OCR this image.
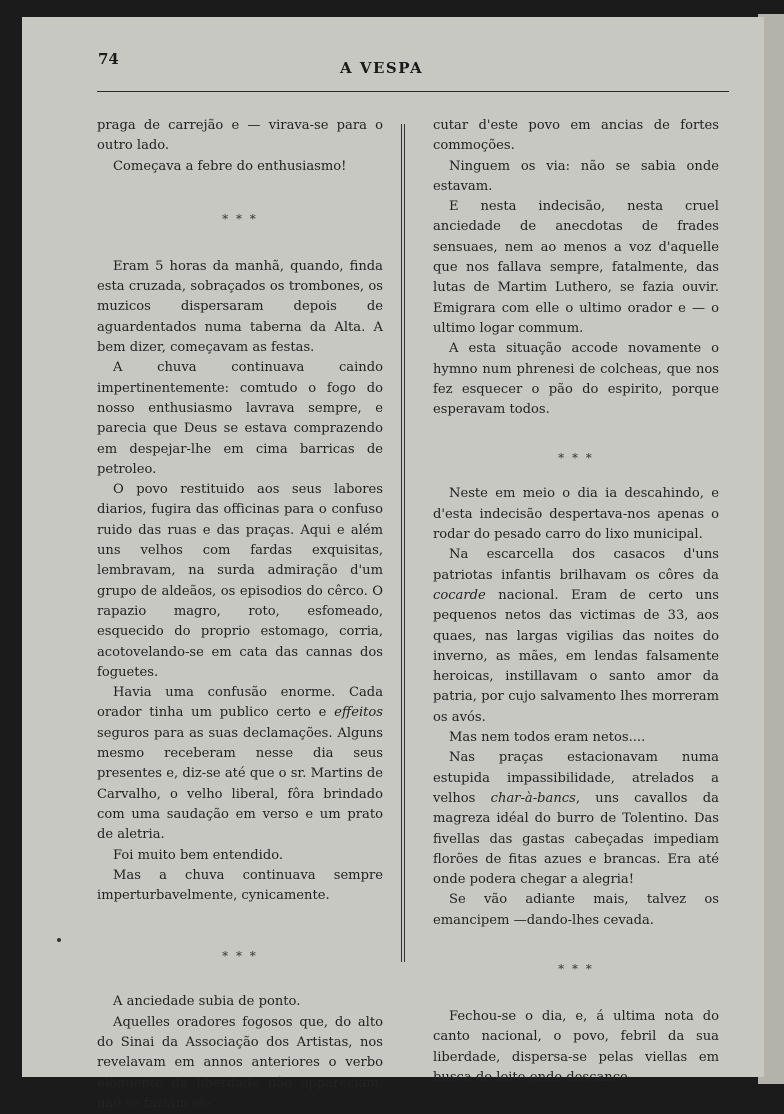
74	A VESPA

praga de carrejão e — virava-se para o outro lado.

Começava a febre do enthusiasmo!

* * *

Eram 5 horas da manhã, quando, finda esta cruzada, sobraçados os trombones, os muzicos dispersaram depois de aguardentados numa taberna da Alta. A bem dizer, começavam as festas.

A chuva continuava caindo impertinentemente: comtudo o fogo do nosso enthusiasmo lavrava sempre, e parecia que Deus se estava comprazendo em despejar-lhe em cima barricas de petroleo.

O povo restituido aos seus labores diarios, fugira das officinas para o confuso ruido das ruas e das praças. Aqui e além uns velhos com fardas exquisitas, lembravam, na surda admiração d'um grupo de aldeãos, os episodios do cêrco. O rapazio magro, roto, esfomeado, esquecido do proprio estomago, corria, acotovelando-se em cata das cannas dos foguetes.

Havia uma confusão enorme. Cada orador tinha um publico certo e effeitos seguros para as suas declamações. Alguns mesmo receberam nesse dia seus presentes e, diz-se até que o sr. Martins de Carvalho, o velho liberal, fôra brindado com uma saudação em verso e um prato de aletria.

Foi muito bem entendido.

Mas a chuva continuava sempre imperturbavelmente, cynicamente.

* * *

A anciedade subia de ponto.

Aquelles oradores fogosos que, do alto do Sinai da Associação dos Artistas, nos revelavam em annos anteriores o verbo eloquente da liberdade não appareciam, não se faziam es-

cutar d'este povo em ancias de fortes commoções.

Ninguem os via: não se sabia onde estavam.

E nesta indecisão, nesta cruel anciedade de anecdotas de frades sensuaes, nem ao menos a voz d'aquelle que nos fallava sempre, fatalmente, das lutas de Martim Luthero, se fazia ouvir. Emigrara com elle o ultimo orador e — o ultimo logar commum.

A esta situação accode novamente o hymno num phrenesi de colcheas, que nos fez esquecer o pão do espirito, porque esperavam todos.

* * *

Neste em meio o dia ia descahindo, e d'esta indecisão despertava-nos apenas o rodar do pesado carro do lixo municipal.

Na escarcella dos casacos d'uns patriotas infantis brilhavam os côres da cocarde nacional. Eram de certo uns pequenos netos das victimas de 33, aos quaes, nas largas vigilias das noites do inverno, as mães, em lendas falsamente heroicas, instillavam o santo amor da patria, por cujo salvamento lhes morreram os avós.

Mas nem todos eram netos....

Nas praças estacionavam numa estupida impassibilidade, atrelados a velhos char-à-bancs, uns cavallos da magreza idéal do burro de Tolentino. Das fivellas das gastas cabeçadas impediam florões de fitas azues e brancas. Era até onde podera chegar a alegria!

Se vão adiante mais, talvez os emancipem —dando-lhes cevada.

* * *

Fechou-se o dia, e, á ultima nota do canto nacional, o povo, febril da sua liberdade, dispersa-se pelas viellas em busca do leito onde descance.
